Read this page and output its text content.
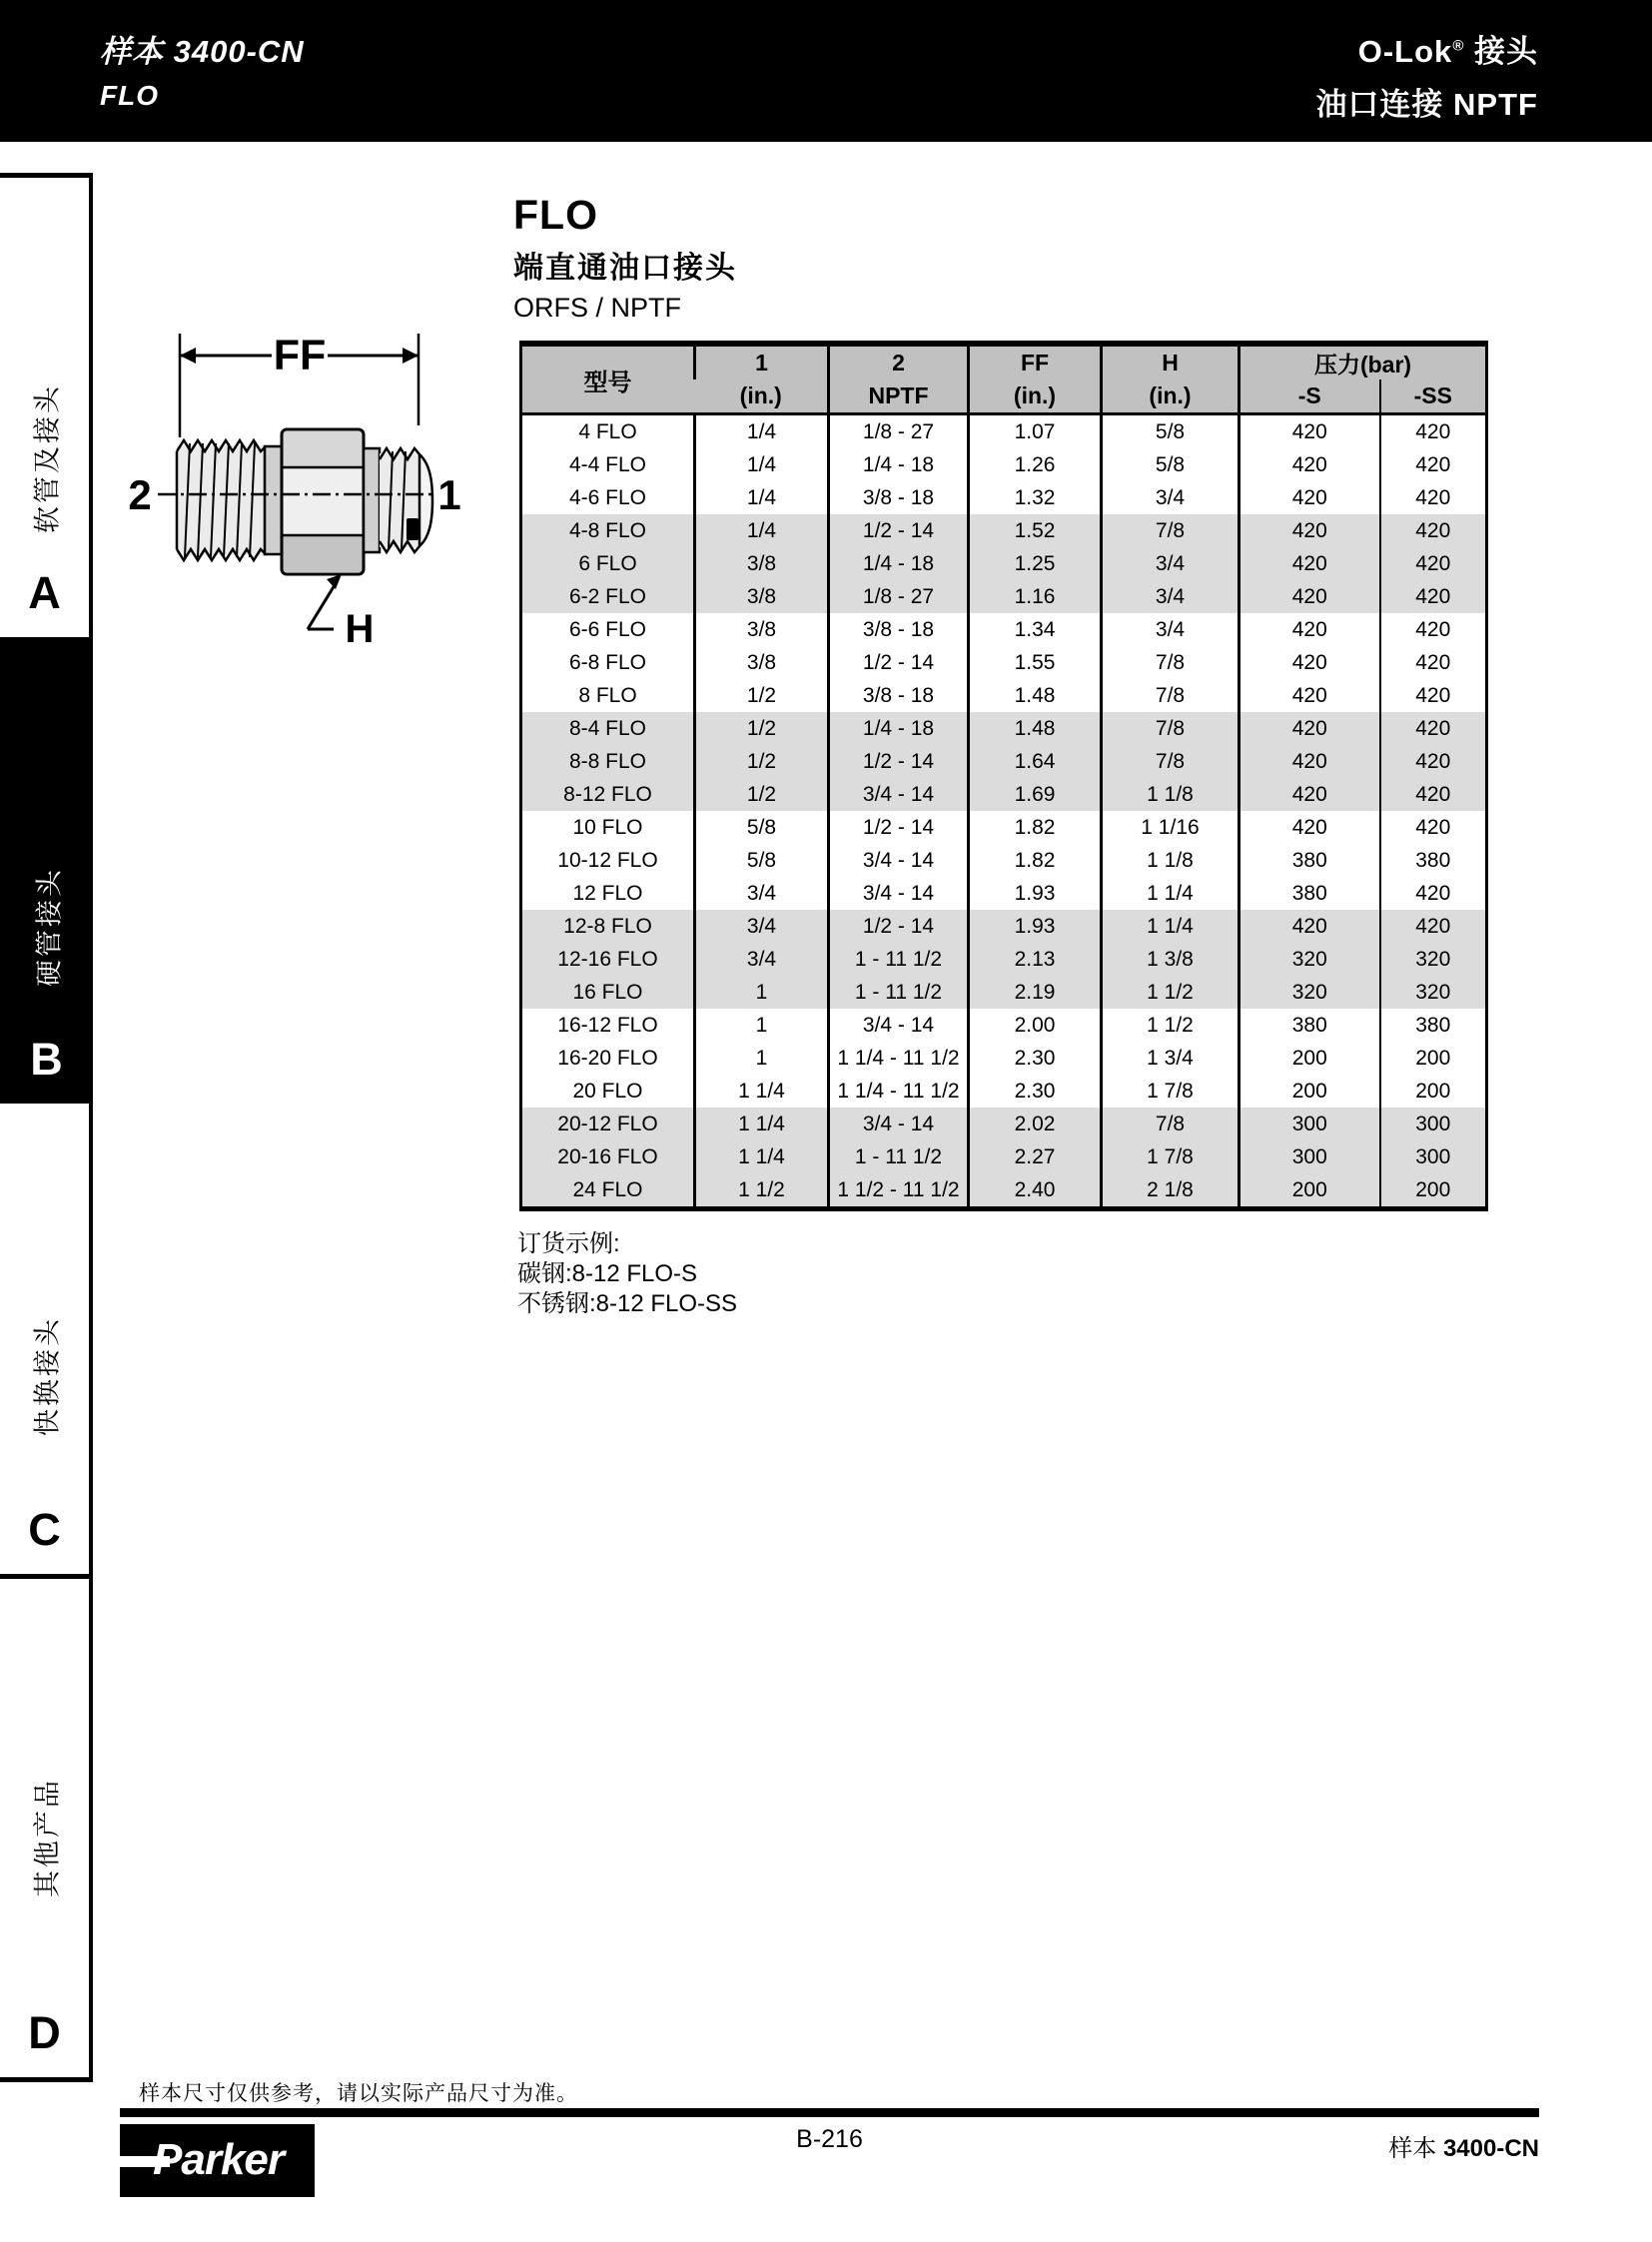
样本 3400-CN
FLO
O-Lok® 接头
油口连接 NPTF
软管及接头
A
硬管接头
B
快换接头
C
其他产品
D
FLO
端直通油口接头
ORFS / NPTF
FF
2	1
H
型号	1	2	FF	H	压力(bar)	
	(in.)	NPTF	(in.)	(in.)	-S	-SS
4 FLO	1/4	1/8 - 27	1.07	5/8	420	420
4-4 FLO	1/4	1/4 - 18	1.26	5/8	420	420
4-6 FLO	1/4	3/8 - 18	1.32	3/4	420	420
4-8 FLO	1/4	1/2 - 14	1.52	7/8	420	420
6 FLO	3/8	1/4 - 18	1.25	3/4	420	420
6-2 FLO	3/8	1/8 - 27	1.16	3/4	420	420
6-6 FLO	3/8	3/8 - 18	1.34	3/4	420	420
6-8 FLO	3/8	1/2 - 14	1.55	7/8	420	420
8 FLO	1/2	3/8 - 18	1.48	7/8	420	420
8-4 FLO	1/2	1/4 - 18	1.48	7/8	420	420
8-8 FLO	1/2	1/2 - 14	1.64	7/8	420	420
8-12 FLO	1/2	3/4 - 14	1.69	1 1/8	420	420
10 FLO	5/8	1/2 - 14	1.82	1 1/16	420	420
10-12 FLO	5/8	3/4 - 14	1.82	1 1/8	380	380
12 FLO	3/4	3/4 - 14	1.93	1 1/4	380	420
12-8 FLO	3/4	1/2 - 14	1.93	1 1/4	420	420
12-16 FLO	3/4	1 - 11 1/2	2.13	1 3/8	320	320
16 FLO	1	1 - 11 1/2	2.19	1 1/2	320	320
16-12 FLO	1	3/4 - 14	2.00	1 1/2	380	380
16-20 FLO	1	1 1/4 - 11 1/2	2.30	1 3/4	200	200
20 FLO	1 1/4	1 1/4 - 11 1/2	2.30	1 7/8	200	200
20-12 FLO	1 1/4	3/4 - 14	2.02	7/8	300	300
20-16 FLO	1 1/4	1 - 11 1/2	2.27	1 7/8	300	300
24 FLO	1 1/2	1 1/2 - 11 1/2	2.40	2 1/8	200	200
订货示例:
碳钢:8-12 FLO-S
不锈钢:8-12 FLO-SS
样本尺寸仅供参考，请以实际产品尺寸为准。
B-216	样本 3400-CN
Parker
